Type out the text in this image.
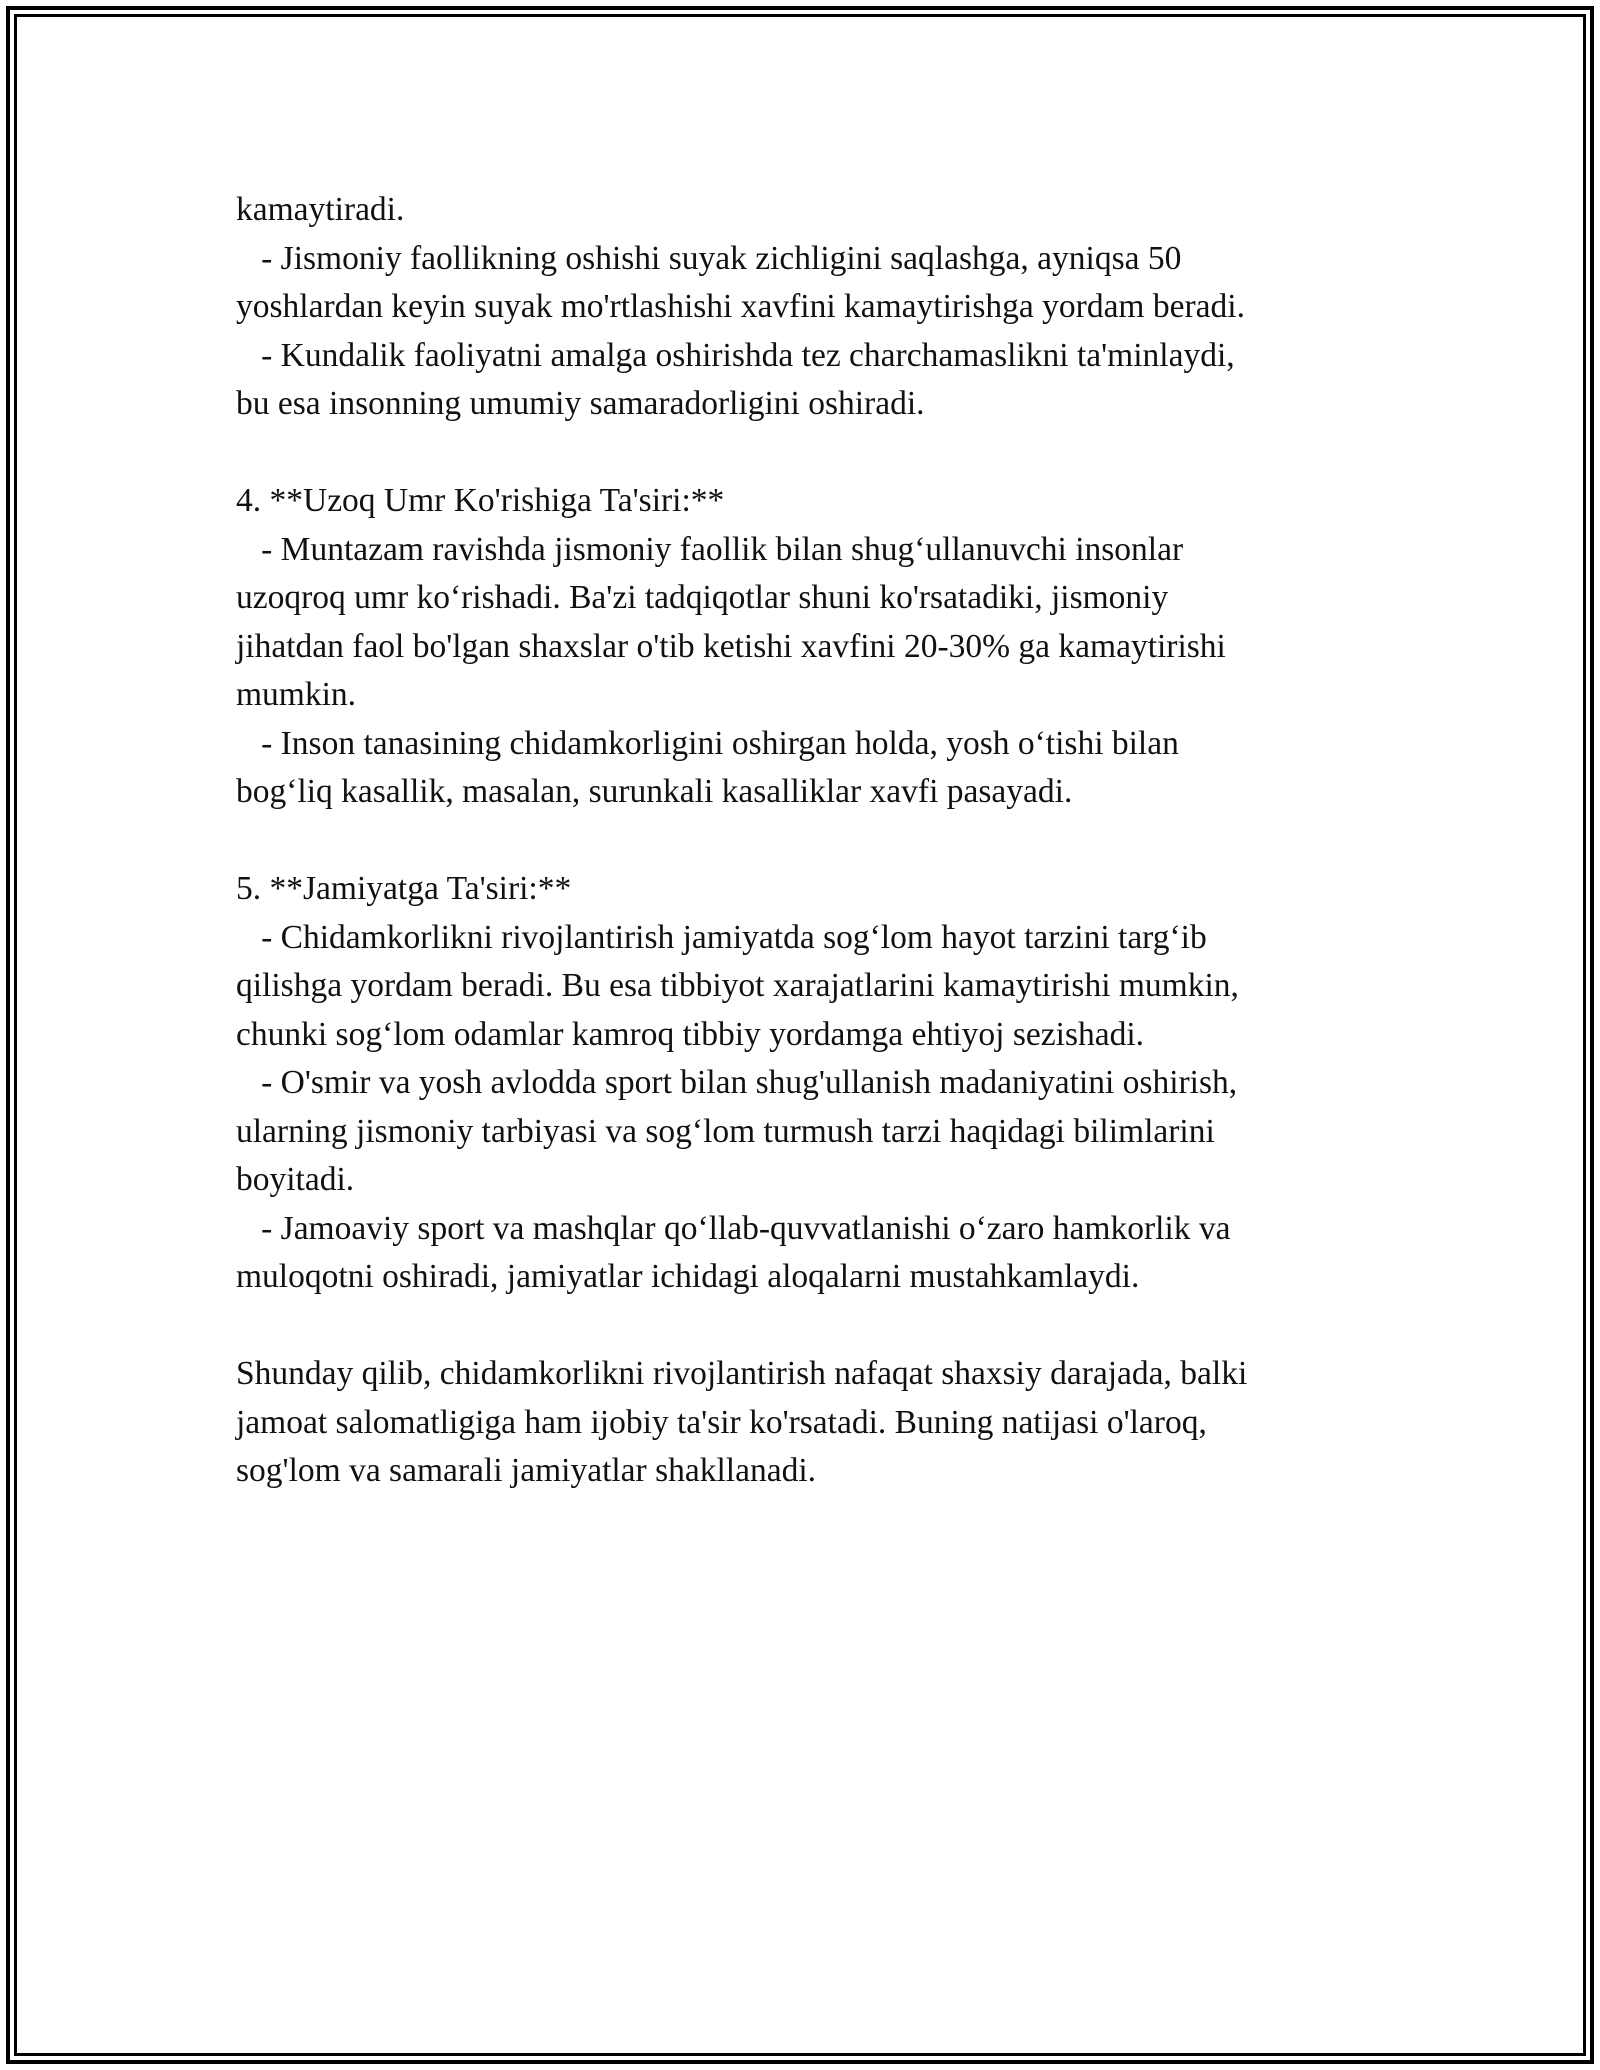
kamaytiradi.
- Jismoniy faollikning oshishi suyak zichligini saqlashga, ayniqsa 50
yoshlardan keyin suyak mo'rtlashishi xavfini kamaytirishga yordam beradi.
- Kundalik faoliyatni amalga oshirishda tez charchamaslikni ta'minlaydi,
bu esa insonning umumiy samaradorligini oshiradi.
4. **Uzoq Umr Ko'rishiga Ta'siri:**
- Muntazam ravishda jismoniy faollik bilan shug‘ullanuvchi insonlar
uzoqroq umr ko‘rishadi. Ba'zi tadqiqotlar shuni ko'rsatadiki, jismoniy
jihatdan faol bo'lgan shaxslar o'tib ketishi xavfini 20-30% ga kamaytirishi
mumkin.
- Inson tanasining chidamkorligini oshirgan holda, yosh o‘tishi bilan
bog‘liq kasallik, masalan, surunkali kasalliklar xavfi pasayadi.
5. **Jamiyatga Ta'siri:**
- Chidamkorlikni rivojlantirish jamiyatda sog‘lom hayot tarzini targ‘ib
qilishga yordam beradi. Bu esa tibbiyot xarajatlarini kamaytirishi mumkin,
chunki sog‘lom odamlar kamroq tibbiy yordamga ehtiyoj sezishadi.
- O'smir va yosh avlodda sport bilan shug'ullanish madaniyatini oshirish,
ularning jismoniy tarbiyasi va sog‘lom turmush tarzi haqidagi bilimlarini
boyitadi.
- Jamoaviy sport va mashqlar qo‘llab-quvvatlanishi o‘zaro hamkorlik va
muloqotni oshiradi, jamiyatlar ichidagi aloqalarni mustahkamlaydi.
Shunday qilib, chidamkorlikni rivojlantirish nafaqat shaxsiy darajada, balki
jamoat salomatligiga ham ijobiy ta'sir ko'rsatadi. Buning natijasi o'laroq,
sog'lom va samarali jamiyatlar shakllanadi.
